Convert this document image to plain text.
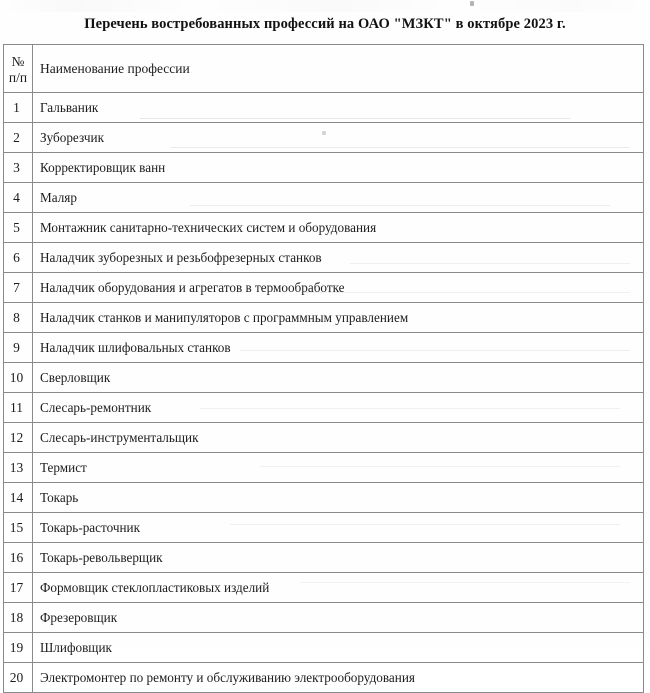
Перечень востребованных профессий на ОАО "МЗКТ" в октябре 2023 г.
№
п/п	Наименование профессии
1	Гальваник
2	Зуборезчик
3	Корректировщик ванн
4	Маляр
5	Монтажник санитарно-технических систем и оборудования
6	Наладчик зуборезных и резьбофрезерных станков
7	Наладчик оборудования и агрегатов в термообработке
8	Наладчик станков и манипуляторов с программным управлением
9	Наладчик шлифовальных станков
10	Сверловщик
11	Слесарь-ремонтник
12	Слесарь-инструментальщик
13	Термист
14	Токарь
15	Токарь-расточник
16	Токарь-револьверщик
17	Формовщик стеклопластиковых изделий
18	Фрезеровщик
19	Шлифовщик
20	Электромонтер по ремонту и обслуживанию электрооборудования
